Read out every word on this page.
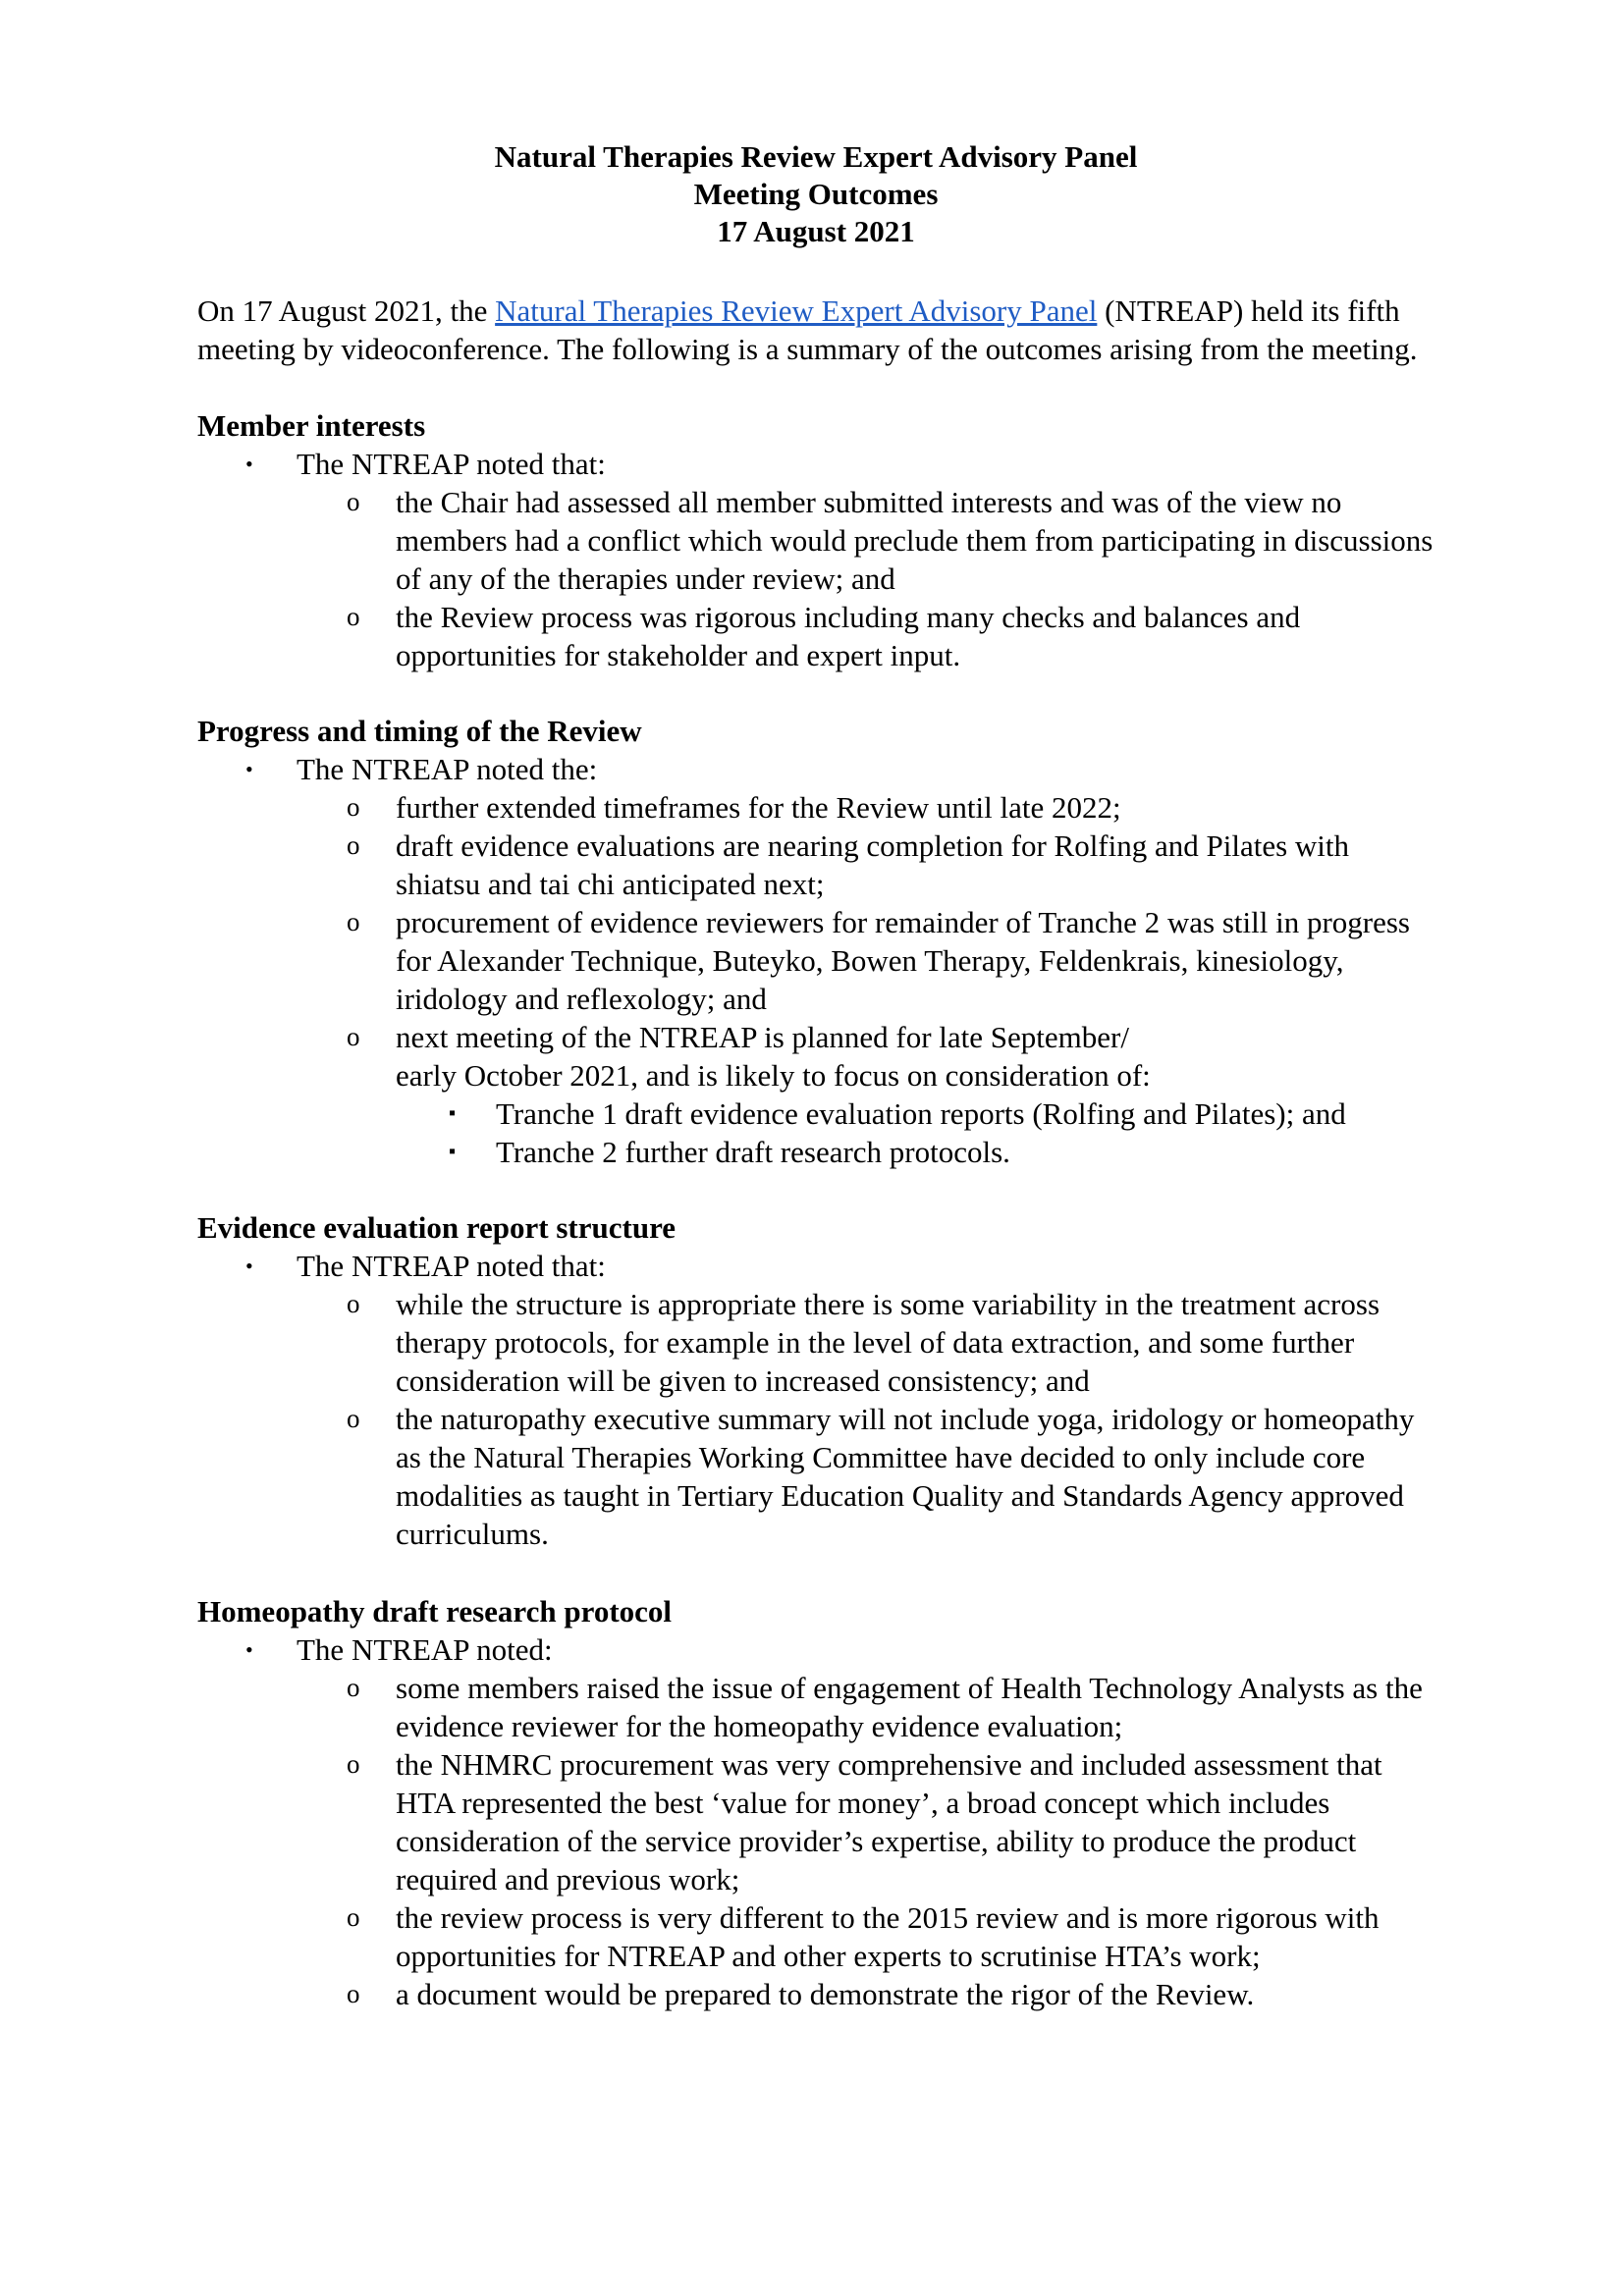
Natural Therapies Review Expert Advisory Panel
Meeting Outcomes
17 August 2021

On 17 August 2021, the Natural Therapies Review Expert Advisory Panel (NTREAP) held its fifth meeting by videoconference. The following is a summary of the outcomes arising from the meeting.

Member interests

• The NTREAP noted that:
o	the Chair had assessed all member submitted interests and was of the view no members had a conflict which would preclude them from participating in discussions of any of the therapies under review; and
o	the Review process was rigorous including many checks and balances and opportunities for stakeholder and expert input.

Progress and timing of the Review

• The NTREAP noted the:
o	further extended timeframes for the Review until late 2022;
o	draft evidence evaluations are nearing completion for Rolfing and Pilates with shiatsu and tai chi anticipated next;
o	procurement of evidence reviewers for remainder of Tranche 2 was still in progress for Alexander Technique, Buteyko, Bowen Therapy, Feldenkrais, kinesiology, iridology and reflexology; and
o	next meeting of the NTREAP is planned for late September/
early October 2021, and is likely to focus on consideration of:
▪ Tranche 1 draft evidence evaluation reports (Rolfing and Pilates); and
▪ Tranche 2 further draft research protocols.

Evidence evaluation report structure

• The NTREAP noted that:
o	while the structure is appropriate there is some variability in the treatment across therapy protocols, for example in the level of data extraction, and some further consideration will be given to increased consistency; and
o	the naturopathy executive summary will not include yoga, iridology or homeopathy as the Natural Therapies Working Committee have decided to only include core modalities as taught in Tertiary Education Quality and Standards Agency approved curriculums.

Homeopathy draft research protocol

• The NTREAP noted:
o	some members raised the issue of engagement of Health Technology Analysts as the evidence reviewer for the homeopathy evidence evaluation;
o	the NHMRC procurement was very comprehensive and included assessment that HTA represented the best ‘value for money’, a broad concept which includes consideration of the service provider’s expertise, ability to produce the product required and previous work;
o	the review process is very different to the 2015 review and is more rigorous with opportunities for NTREAP and other experts to scrutinise HTA’s work;
o	a document would be prepared to demonstrate the rigor of the Review.
